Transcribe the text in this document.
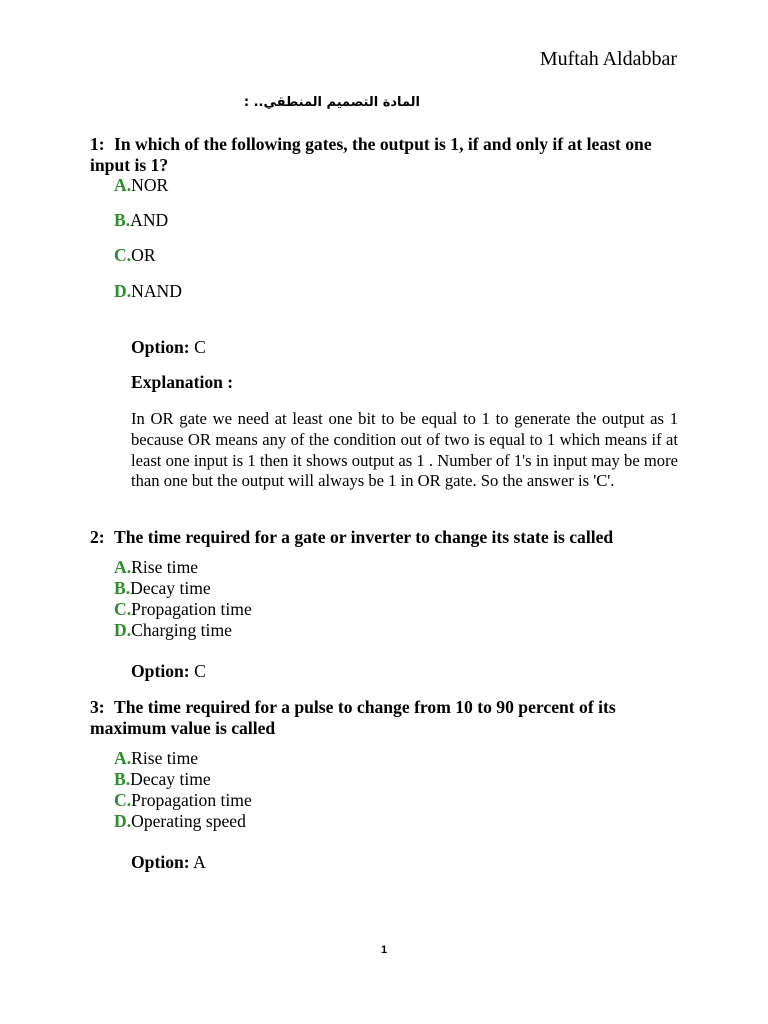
Muftah Aldabbar
المادة التصميم المنطقي.. :
1: In which of the following gates, the output is 1, if and only if at least one input is 1?
A.NOR
B.AND
C.OR
D.NAND
Option: C
Explanation :
In OR gate we need at least one bit to be equal to 1 to generate the output as 1 because OR means any of the condition out of two is equal to 1 which means if at least one input is 1 then it shows output as 1 . Number of 1's in input may be more than one but the output will always be 1 in OR gate. So the answer is 'C'.
2: The time required for a gate or inverter to change its state is called
A.Rise time
B.Decay time
C.Propagation time
D.Charging time
Option: C
3: The time required for a pulse to change from 10 to 90 percent of its maximum value is called
A.Rise time
B.Decay time
C.Propagation time
D.Operating speed
Option: A
1
